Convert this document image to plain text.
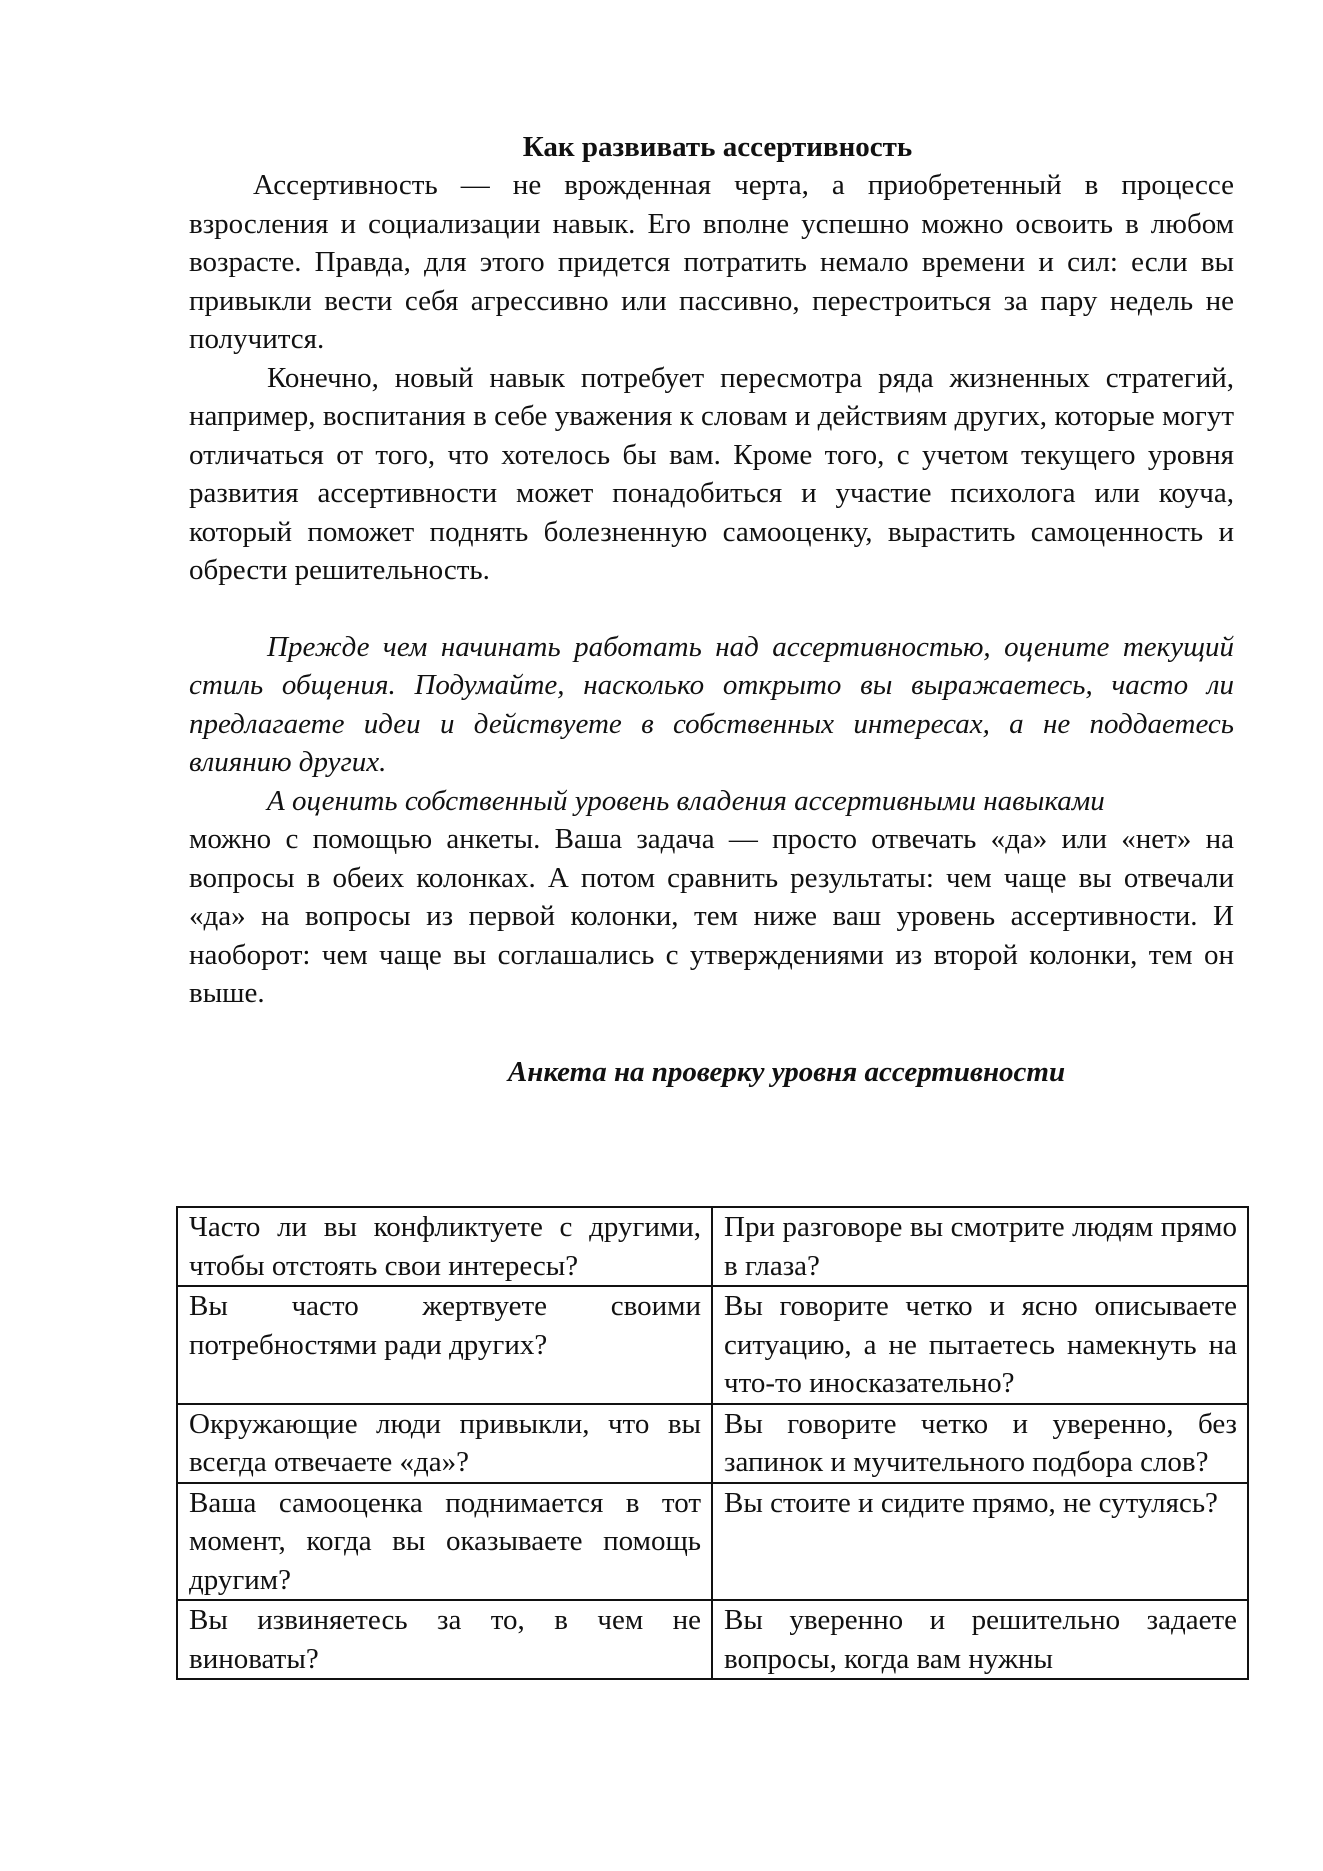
Как развивать ассертивность

Ассертивность — не врожденная черта, а приобретенный в процессе взросления и социализации навык. Его вполне успешно можно освоить в любом возрасте. Правда, для этого придется потратить немало времени и сил: если вы привыкли вести себя агрессивно или пассивно, перестроиться за пару недель не получится.

Конечно, новый навык потребует пересмотра ряда жизненных стратегий, например, воспитания в себе уважения к словам и действиям других, которые могут отличаться от того, что хотелось бы вам. Кроме того, с учетом текущего уровня развития ассертивности может понадобиться и участие психолога или коуча, который поможет поднять болезненную самооценку, вырастить самоценность и обрести решительность.

Прежде чем начинать работать над ассертивностью, оцените текущий стиль общения. Подумайте, насколько открыто вы выражаетесь, часто ли предлагаете идеи и действуете в собственных интересах, а не поддаетесь влиянию других.

А оценить собственный уровень владения ассертивными навыками

можно с помощью анкеты. Ваша задача — просто отвечать «да» или «нет» на вопросы в обеих колонках. А потом сравнить результаты: чем чаще вы отвечали «да» на вопросы из первой колонки, тем ниже ваш уровень ассертивности. И наоборот: чем чаще вы соглашались с утверждениями из второй колонки, тем он выше.

Анкета на проверку уровня ассертивности
Часто ли вы конфликтуете с другими, чтобы отстоять свои интересы?	При разговоре вы смотрите людям прямо в глаза?
Вы часто жертвуете своими потребностями ради других?	Вы говорите четко и ясно описываете ситуацию, а не пытаетесь намекнуть на что-то иносказательно?
Окружающие люди привыкли, что вы всегда отвечаете «да»?	Вы говорите четко и уверенно, без запинок и мучительного подбора слов?
Ваша самооценка поднимается в тот момент, когда вы оказываете помощь другим?	Вы стоите и сидите прямо, не сутулясь?
Вы извиняетесь за то, в чем не виноваты?	Вы уверенно и решительно задаете вопросы, когда вам нужны
